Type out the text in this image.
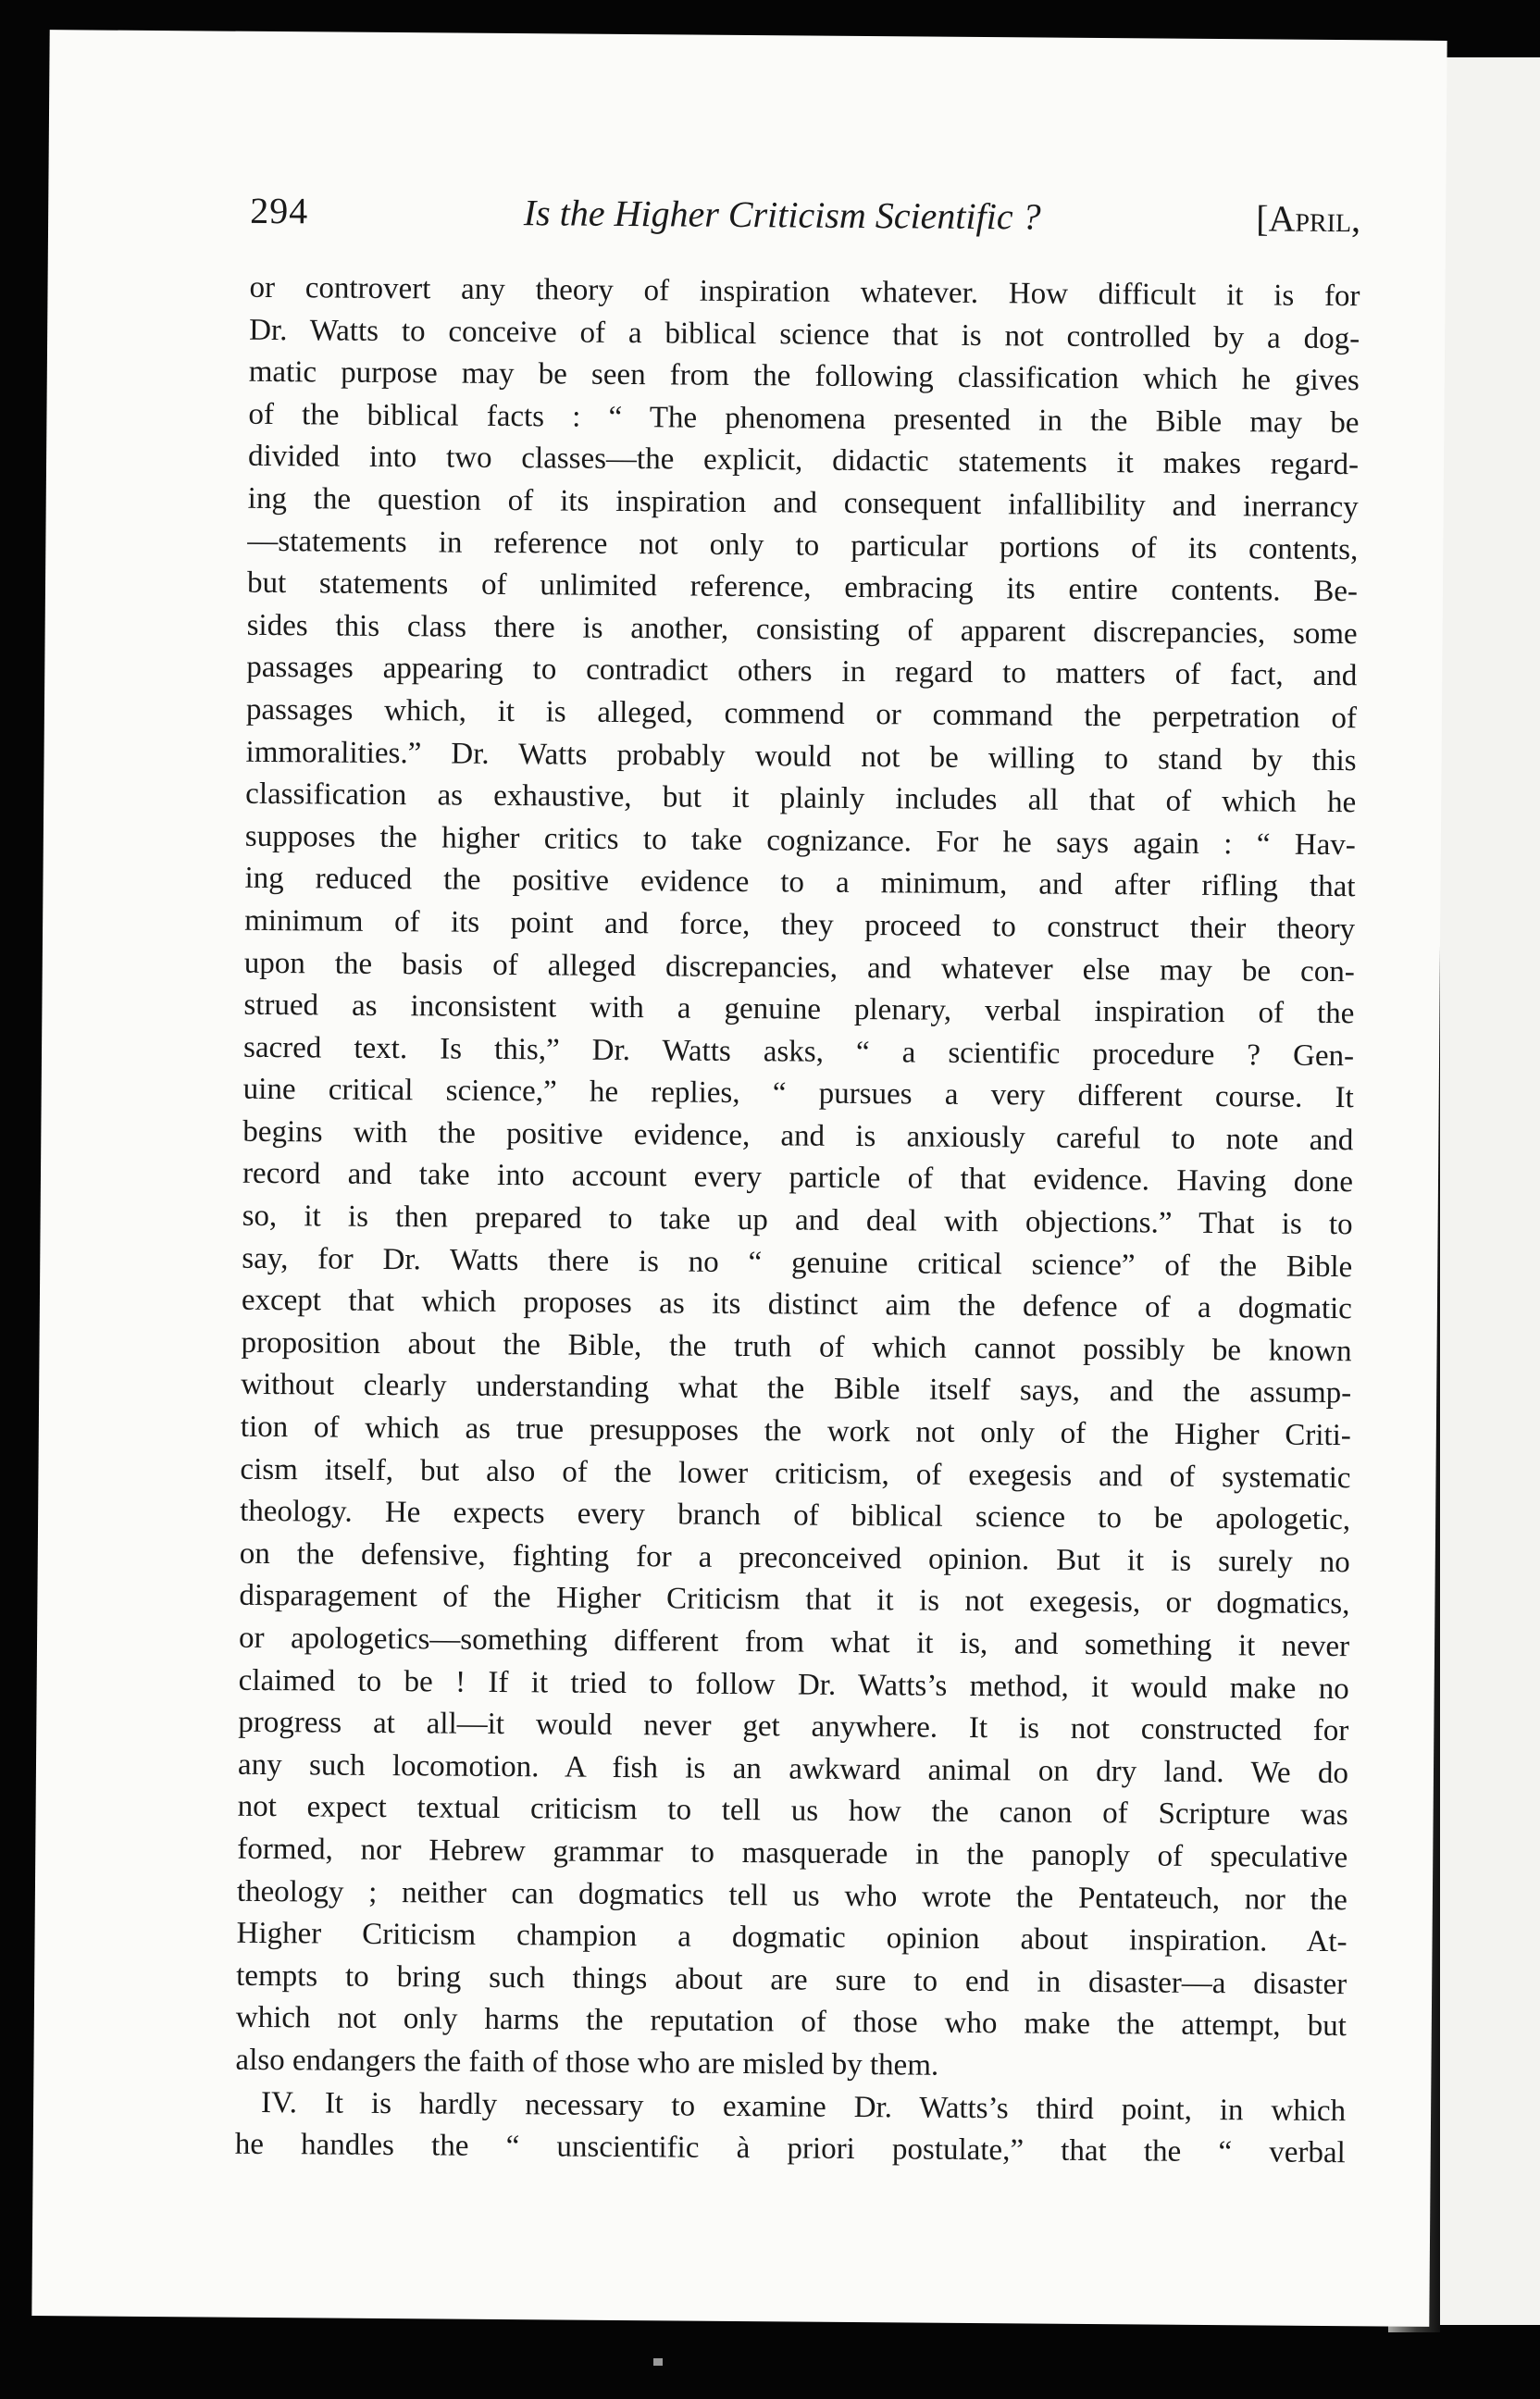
294	Is the Higher Criticism Scientific ?	[April,

or controvert any theory of inspiration whatever. How difficult it is for

Dr. Watts to conceive of a biblical science that is not controlled by a dog-

matic purpose may be seen from the following classification which he gives

of the biblical facts : “ The phenomena presented in the Bible may be

divided into two classes—the explicit, didactic statements it makes regard-

ing the question of its inspiration and consequent infallibility and inerrancy

—statements in reference not only to particular portions of its contents,

but statements of unlimited reference, embracing its entire contents. Be-

sides this class there is another, consisting of apparent discrepancies, some

passages appearing to contradict others in regard to matters of fact, and

passages which, it is alleged, commend or command the perpetration of

immoralities.” Dr. Watts probably would not be willing to stand by this

classification as exhaustive, but it plainly includes all that of which he

supposes the higher critics to take cognizance. For he says again : “ Hav-

ing reduced the positive evidence to a minimum, and after rifling that

minimum of its point and force, they proceed to construct their theory

upon the basis of alleged discrepancies, and whatever else may be con-

strued as inconsistent with a genuine plenary, verbal inspiration of the

sacred text. Is this,” Dr. Watts asks, “ a scientific procedure ? Gen-

uine critical science,” he replies, “ pursues a very different course. It

begins with the positive evidence, and is anxiously careful to note and

record and take into account every particle of that evidence. Having done

so, it is then prepared to take up and deal with objections.” That is to

say, for Dr. Watts there is no “ genuine critical science” of the Bible

except that which proposes as its distinct aim the defence of a dogmatic

proposition about the Bible, the truth of which cannot possibly be known

without clearly understanding what the Bible itself says, and the assump-

tion of which as true presupposes the work not only of the Higher Criti-

cism itself, but also of the lower criticism, of exegesis and of systematic

theology. He expects every branch of biblical science to be apologetic,

on the defensive, fighting for a preconceived opinion. But it is surely no

disparagement of the Higher Criticism that it is not exegesis, or dogmatics,

or apologetics—something different from what it is, and something it never

claimed to be ! If it tried to follow Dr. Watts’s method, it would make no

progress at all—it would never get anywhere. It is not constructed for

any such locomotion. A fish is an awkward animal on dry land. We do

not expect textual criticism to tell us how the canon of Scripture was

formed, nor Hebrew grammar to masquerade in the panoply of speculative

theology ; neither can dogmatics tell us who wrote the Pentateuch, nor the

Higher Criticism champion a dogmatic opinion about inspiration. At-

tempts to bring such things about are sure to end in disaster—a disaster

which not only harms the reputation of those who make the attempt, but

also endangers the faith of those who are misled by them.

IV. It is hardly necessary to examine Dr. Watts’s third point, in which

he handles the “ unscientific à priori postulate,” that the “ verbal
